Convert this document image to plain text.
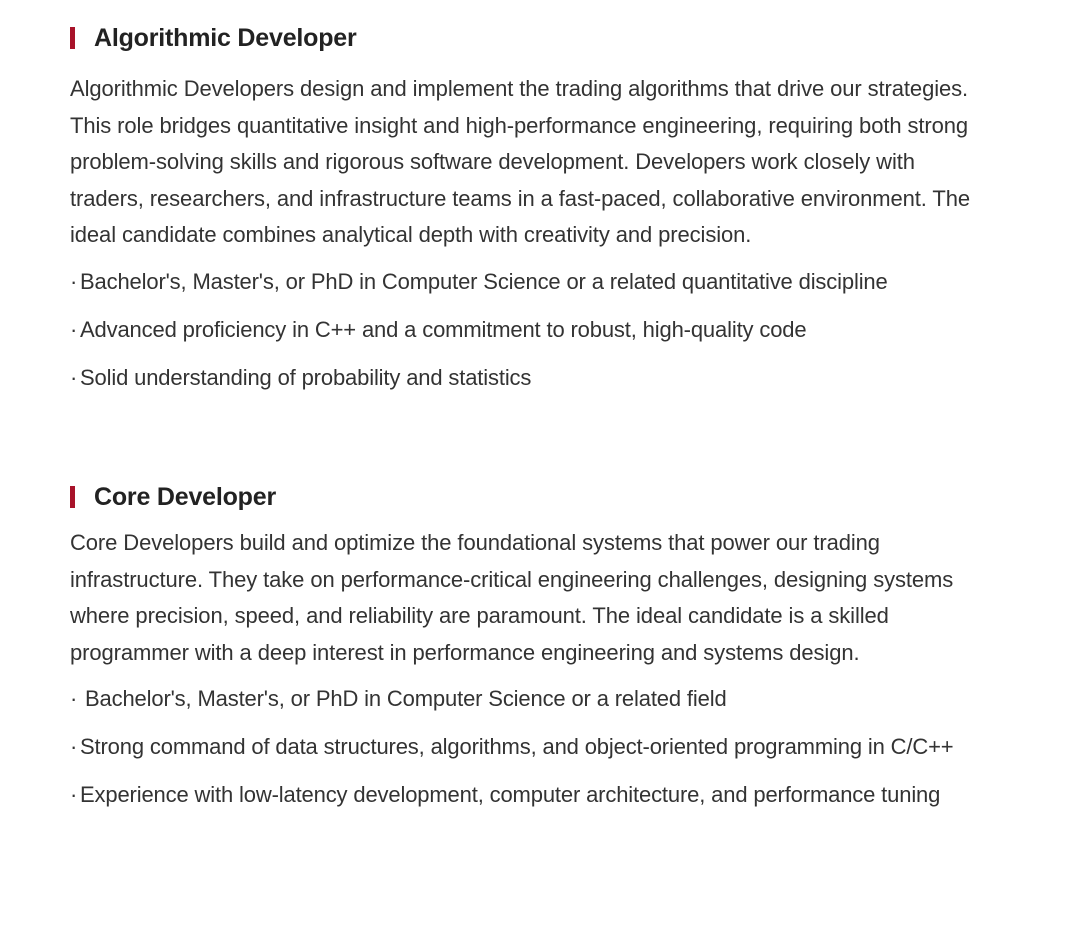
Algorithmic Developer

Algorithmic Developers design and implement the trading algorithms that drive our strategies. This role bridges quantitative insight and high-performance engineering, requiring both strong problem-solving skills and rigorous software development. Developers work closely with traders, researchers, and infrastructure teams in a fast-paced, collaborative environment. The ideal candidate combines analytical depth with creativity and precision.

· Bachelor's, Master's, or PhD in Computer Science or a related quantitative discipline
· Advanced proficiency in C++ and a commitment to robust, high-quality code
· Solid understanding of probability and statistics
Core Developer

Core Developers build and optimize the foundational systems that power our trading infrastructure. They take on performance-critical engineering challenges, designing systems where precision, speed, and reliability are paramount. The ideal candidate is a skilled programmer with a deep interest in performance engineering and systems design.

· Bachelor's, Master's, or PhD in Computer Science or a related field
· Strong command of data structures, algorithms, and object-oriented programming in C/C++
· Experience with low-latency development, computer architecture, and performance tuning
